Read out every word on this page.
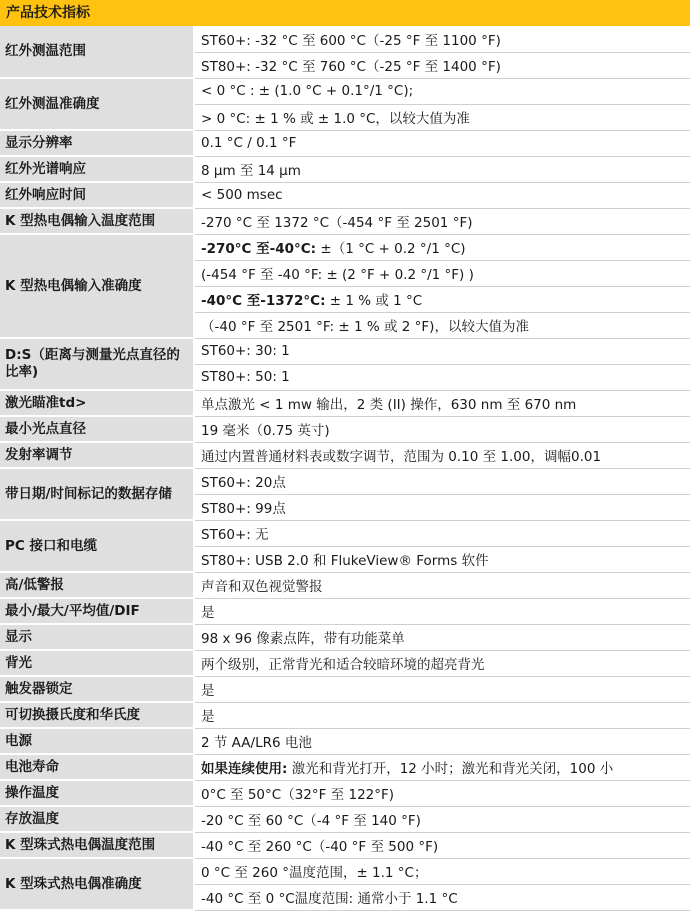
产品技术指标
红外测温范围	ST60+: -32 °C 至 600 °C（-25 °F 至 1100 °F)
	ST80+: -32 °C 至 760 °C（-25 °F 至 1400 °F)
红外测温准确度	< 0 °C : ± (1.0 °C + 0.1°/1 °C);
	> 0 °C: ± 1 % 或 ± 1.0 °C，以较大值为准
显示分辨率	0.1 °C / 0.1 °F
红外光谱响应	8 μm 至 14 μm
红外响应时间	< 500 msec
K 型热电偶输入温度范围	-270 °C 至 1372 °C（-454 °F 至 2501 °F)
K 型热电偶输入准确度	-270°C 至-40°C: ±（1 °C + 0.2 °/1 °C)
	(-454 °F 至 -40 °F: ± (2 °F + 0.2 °/1 °F) )
	-40°C 至-1372°C: ± 1 % 或 1 °C
	（-40 °F 至 2501 °F: ± 1 % 或 2 °F)，以较大值为准
D:S（距离与测量光点直径的比率)	ST60+: 30: 1
	ST80+: 50: 1
激光瞄准td>	单点激光 < 1 mw 输出，2 类 (II) 操作，630 nm 至 670 nm
最小光点直径	19 毫米（0.75 英寸)
发射率调节	通过内置普通材料表或数字调节，范围为 0.10 至 1.00，调幅0.01
带日期/时间标记的数据存储	ST60+: 20点
	ST80+: 99点
PC 接口和电缆	ST60+: 无
	ST80+: USB 2.0 和 FlukeView® Forms 软件
高/低警报	声音和双色视觉警报
最小/最大/平均值/DIF	是
显示	98 x 96 像素点阵，带有功能菜单
背光	两个级别，正常背光和适合较暗环境的超亮背光
触发器锁定	是
可切换摄氏度和华氏度	是
电源	2 节 AA/LR6 电池
电池寿命	如果连续使用: 激光和背光打开，12 小时；激光和背光关闭，100 小
操作温度	0°C 至 50°C（32°F 至 122°F)
存放温度	-20 °C 至 60 °C（-4 °F 至 140 °F)
K 型珠式热电偶温度范围	-40 °C 至 260 °C（-40 °F 至 500 °F)
K 型珠式热电偶准确度	0 °C 至 260 °温度范围，± 1.1 °C；
	-40 °C 至 0 °C温度范围: 通常小于 1.1 °C
